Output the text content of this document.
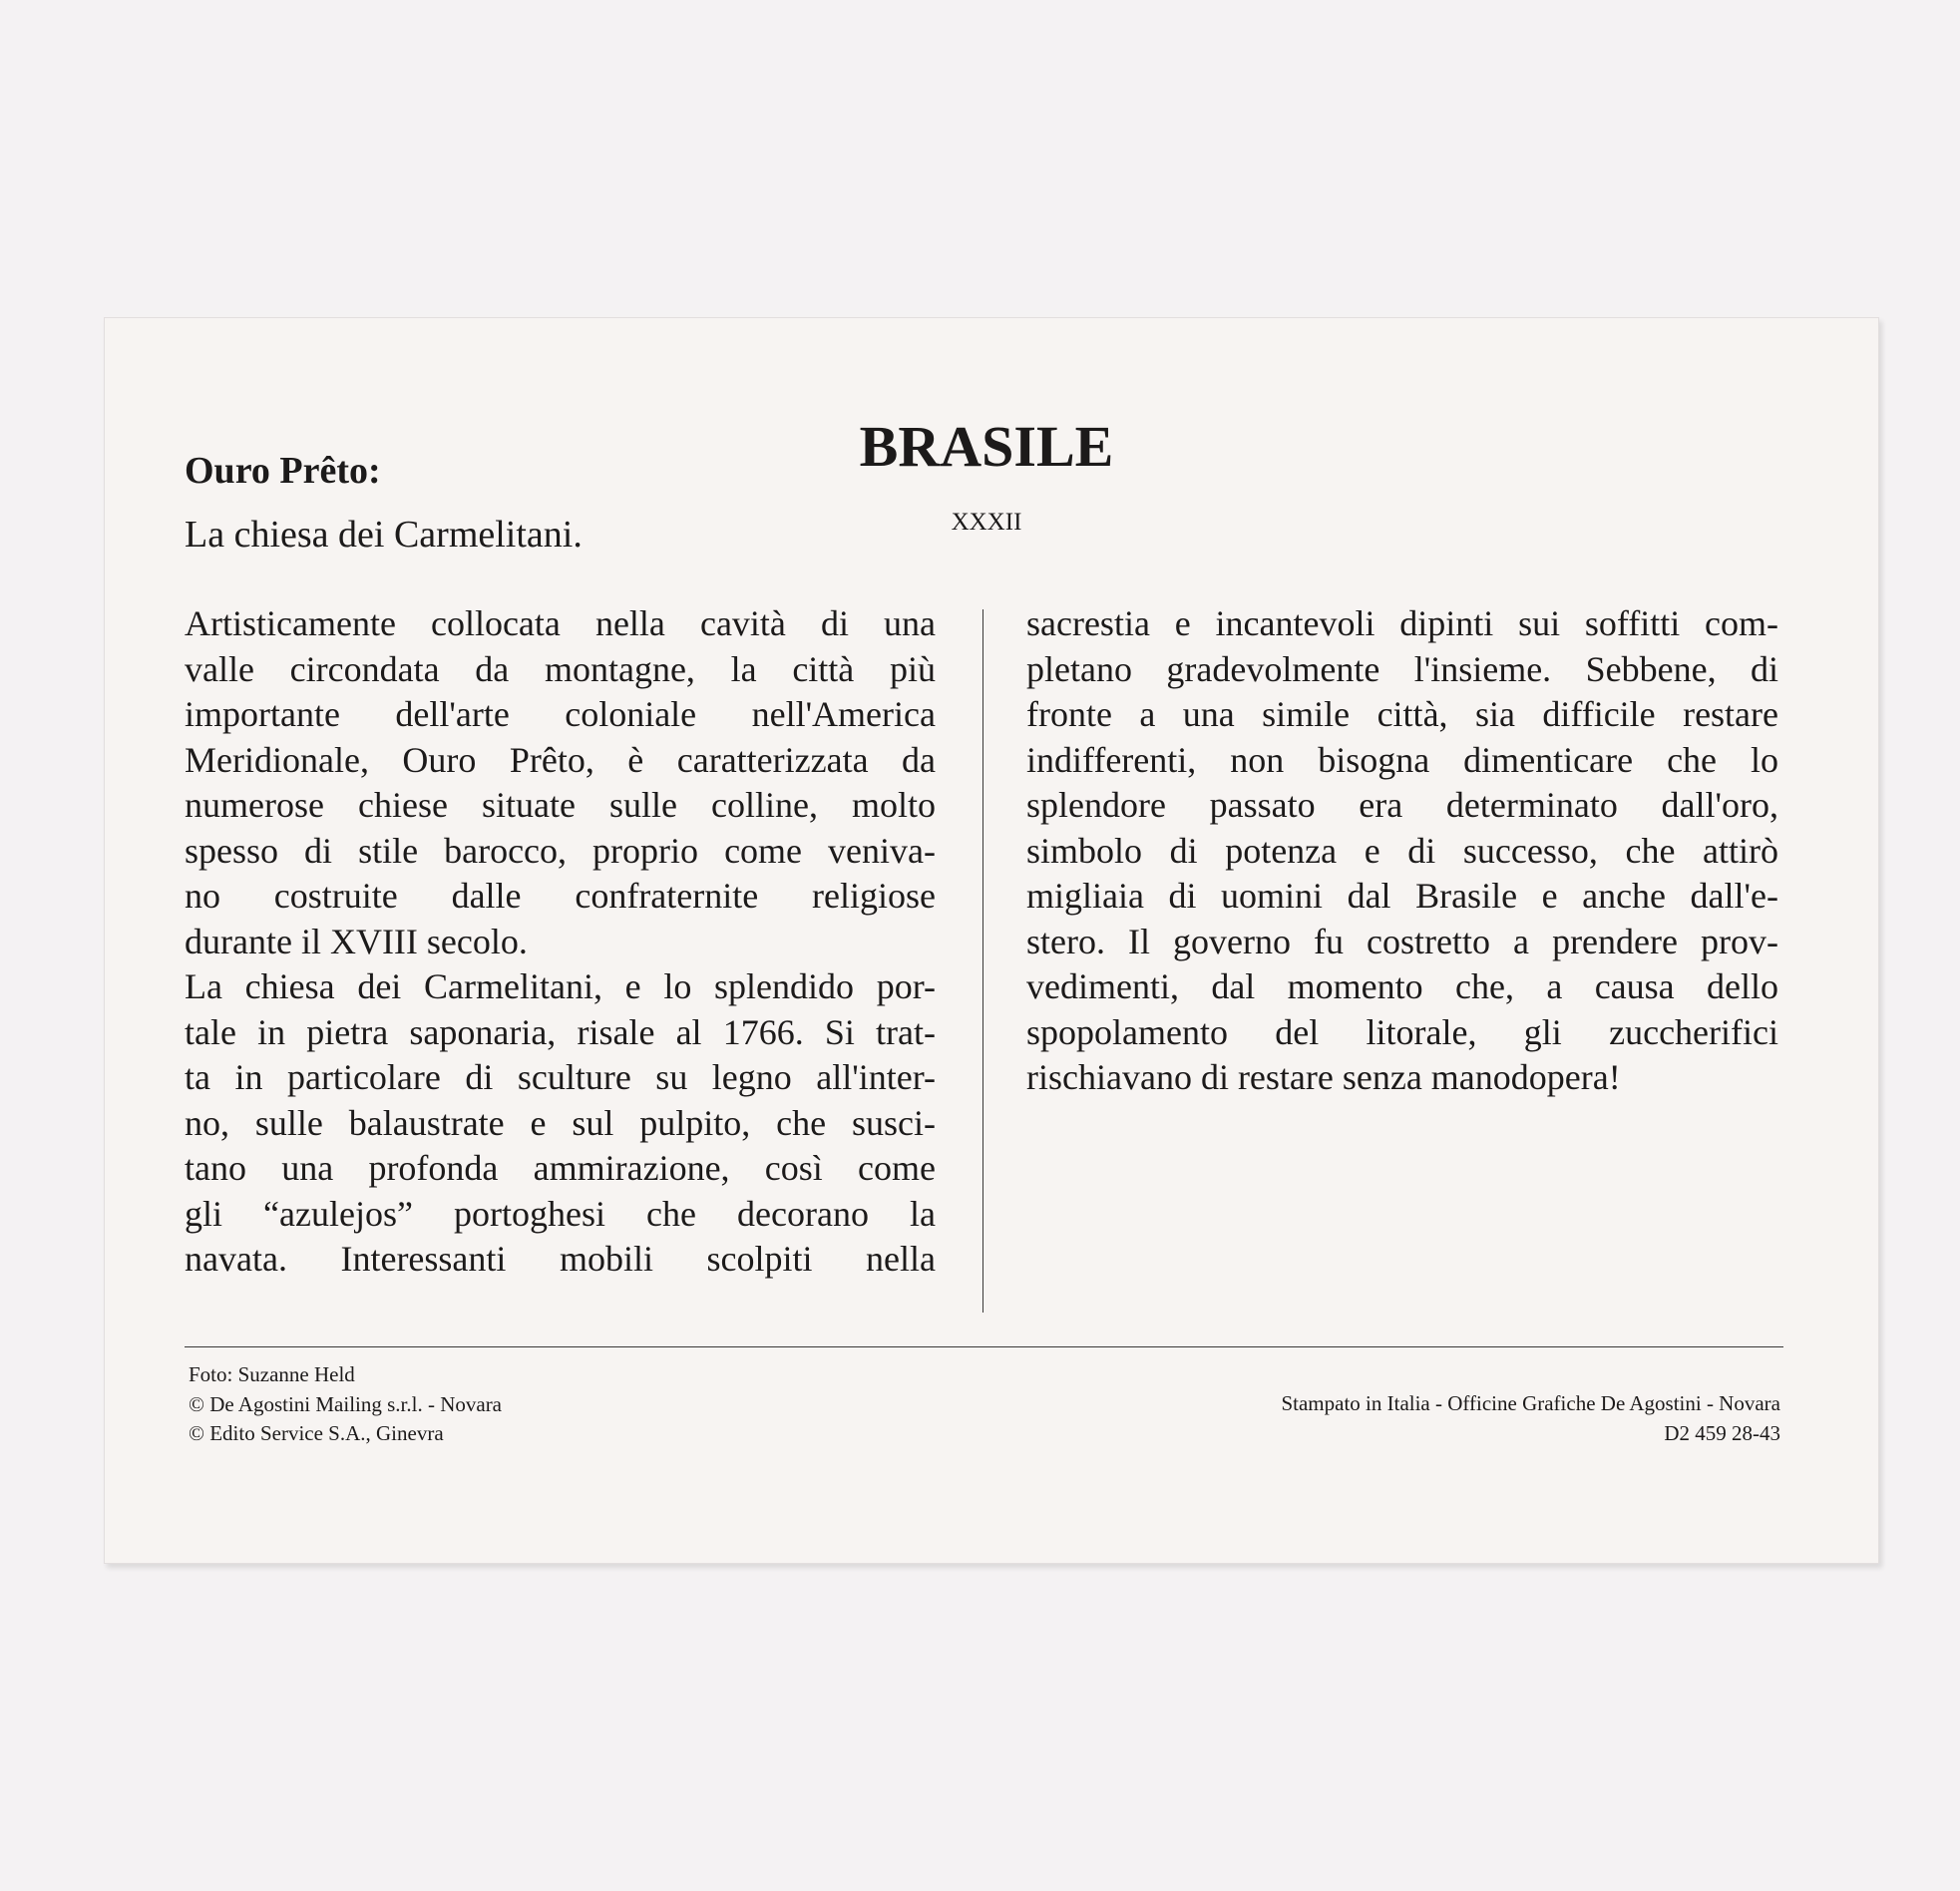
Ouro Prêto:

La chiesa dei Carmelitani.

BRASILE
XXXII

Artisticamente collocata nella cavità di una

valle circondata da montagne, la città più

importante dell'arte coloniale nell'America

Meridionale, Ouro Prêto, è caratterizzata da

numerose chiese situate sulle colline, molto

spesso di stile barocco, proprio come veniva-

no costruite dalle confraternite religiose

durante il XVIII secolo.

La chiesa dei Carmelitani, e lo splendido por-

tale in pietra saponaria, risale al 1766. Si trat-

ta in particolare di sculture su legno all'inter-

no, sulle balaustrate e sul pulpito, che susci-

tano una profonda ammirazione, così come

gli “azulejos” portoghesi che decorano la

navata. Interessanti mobili scolpiti nella

sacrestia e incantevoli dipinti sui soffitti com-

pletano gradevolmente l'insieme. Sebbene, di

fronte a una simile città, sia difficile restare

indifferenti, non bisogna dimenticare che lo

splendore passato era determinato dall'oro,

simbolo di potenza e di successo, che attirò

migliaia di uomini dal Brasile e anche dall'e-

stero. Il governo fu costretto a prendere prov-

vedimenti, dal momento che, a causa dello

spopolamento del litorale, gli zuccherifici

rischiavano di restare senza manodopera!

Foto: Suzanne Held
© De Agostini Mailing s.r.l. - Novara
© Edito Service S.A., Ginevra
Stampato in Italia - Officine Grafiche De Agostini - Novara
D2 459 28-43
